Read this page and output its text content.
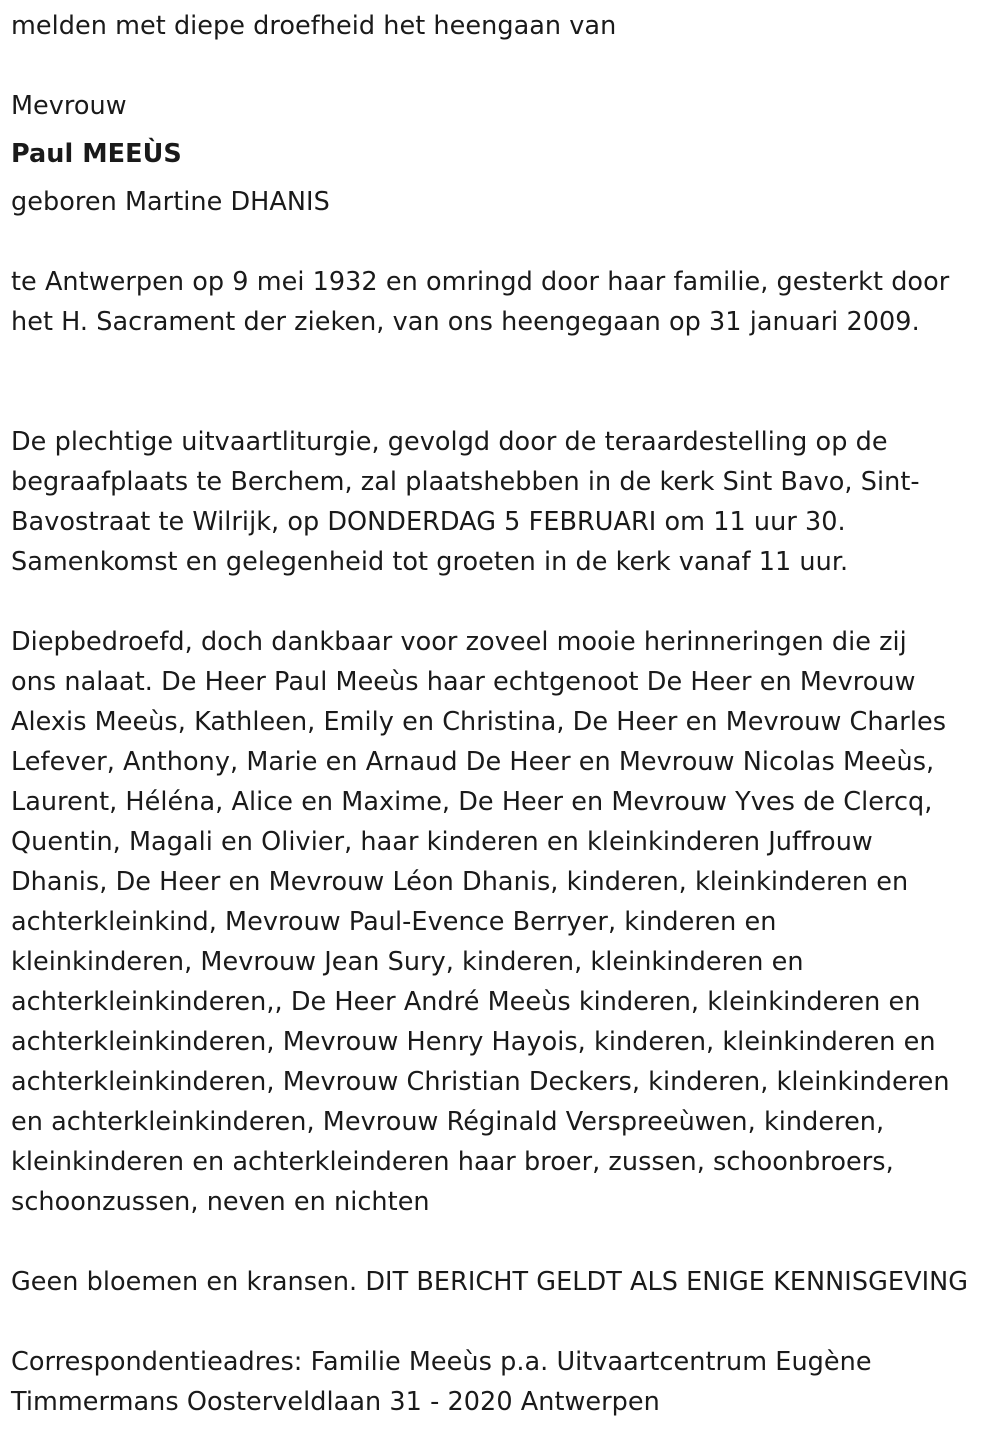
melden met diepe droefheid het heengaan van

Mevrouw

Paul MEEÙS

geboren Martine DHANIS

te Antwerpen op 9 mei 1932 en omringd door haar familie, gesterkt door het H. Sacrament der zieken, van ons heengegaan op 31 januari 2009.

De plechtige uitvaartliturgie, gevolgd door de teraardestelling op de begraafplaats te Berchem, zal plaatshebben in de kerk Sint Bavo, Sint-Bavostraat te Wilrijk, op DONDERDAG 5 FEBRUARI om 11 uur 30. Samenkomst en gelegenheid tot groeten in de kerk vanaf 11 uur.

Diepbedroefd, doch dankbaar voor zoveel mooie herinneringen die zij
ons nalaat. De Heer Paul Meeùs haar echtgenoot De Heer en Mevrouw
Alexis Meeùs, Kathleen, Emily en Christina, De Heer en Mevrouw Charles
Lefever, Anthony, Marie en Arnaud De Heer en Mevrouw Nicolas Meeùs,
Laurent, Héléna, Alice en Maxime, De Heer en Mevrouw Yves de Clercq,
Quentin, Magali en Olivier, haar kinderen en kleinkinderen Juffrouw
Dhanis, De Heer en Mevrouw Léon Dhanis, kinderen, kleinkinderen en
achterkleinkind, Mevrouw Paul-Evence Berryer, kinderen en
kleinkinderen, Mevrouw Jean Sury, kinderen, kleinkinderen en
achterkleinkinderen,, De Heer André Meeùs kinderen, kleinkinderen en
achterkleinkinderen, Mevrouw Henry Hayois, kinderen, kleinkinderen en
achterkleinkinderen, Mevrouw Christian Deckers, kinderen, kleinkinderen
en achterkleinkinderen, Mevrouw Réginald Verspreeùwen, kinderen,
kleinkinderen en achterkleinderen haar broer, zussen, schoonbroers,
schoonzussen, neven en nichten

Geen bloemen en kransen. DIT BERICHT GELDT ALS ENIGE KENNISGEVING

Correspondentieadres: Familie Meeùs p.a. Uitvaartcentrum Eugène
Timmermans Oosterveldlaan 31 - 2020 Antwerpen
